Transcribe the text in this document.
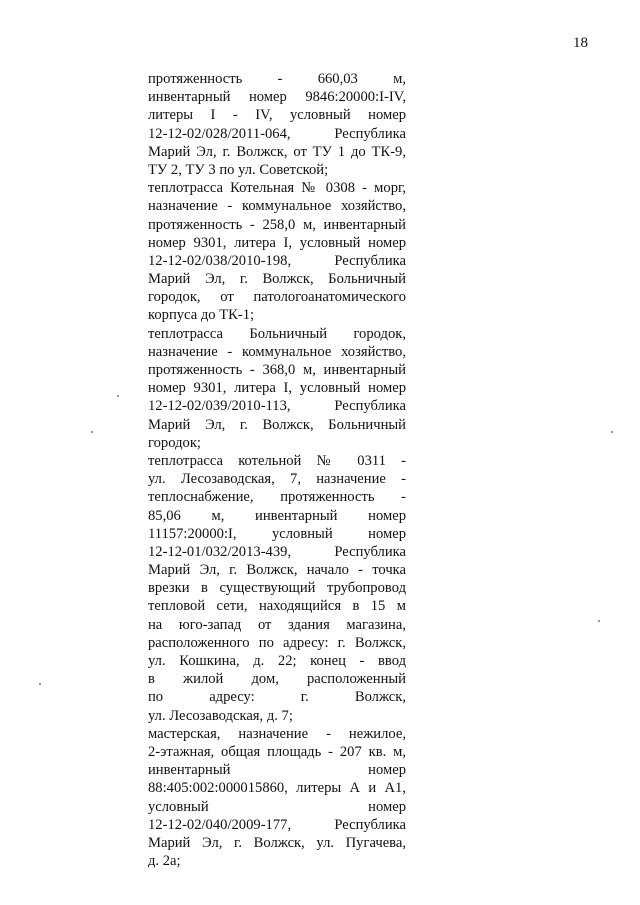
18
протяженность - 660,03 м,
инвентарный номер 9846:20000:I-IV,
литеры I - IV, условный номер
12-12-02/028/2011-064, Республика
Марий Эл, г. Волжск, от ТУ 1 до ТК-9,
ТУ 2, ТУ 3 по ул. Советской;
теплотрасса Котельная № 0308 - морг,
назначение - коммунальное хозяйство,
протяженность - 258,0 м, инвентарный
номер 9301, литера I, условный номер
12-12-02/038/2010-198, Республика
Марий Эл, г. Волжск, Больничный
городок, от патологоанатомического
корпуса до ТК-1;
теплотрасса Больничный городок,
назначение - коммунальное хозяйство,
протяженность - 368,0 м, инвентарный
номер 9301, литера I, условный номер
12-12-02/039/2010-113, Республика
Марий Эл, г. Волжск, Больничный
городок;
теплотрасса котельной № 0311 -
ул. Лесозаводская, 7, назначение -
теплоснабжение, протяженность -
85,06 м, инвентарный номер
11157:20000:I, условный номер
12-12-01/032/2013-439, Республика
Марий Эл, г. Волжск, начало - точка
врезки в существующий трубопровод
тепловой сети, находящийся в 15 м
на юго-запад от здания магазина,
расположенного по адресу: г. Волжск,
ул. Кошкина, д. 22; конец - ввод
в жилой дом, расположенный
по адресу: г. Волжск,
ул. Лесозаводская, д. 7;
мастерская, назначение - нежилое,
2-этажная, общая площадь - 207 кв. м,
инвентарный номер
88:405:002:000015860, литеры А и А1,
условный номер
12-12-02/040/2009-177, Республика
Марий Эл, г. Волжск, ул. Пугачева,
д. 2а;
